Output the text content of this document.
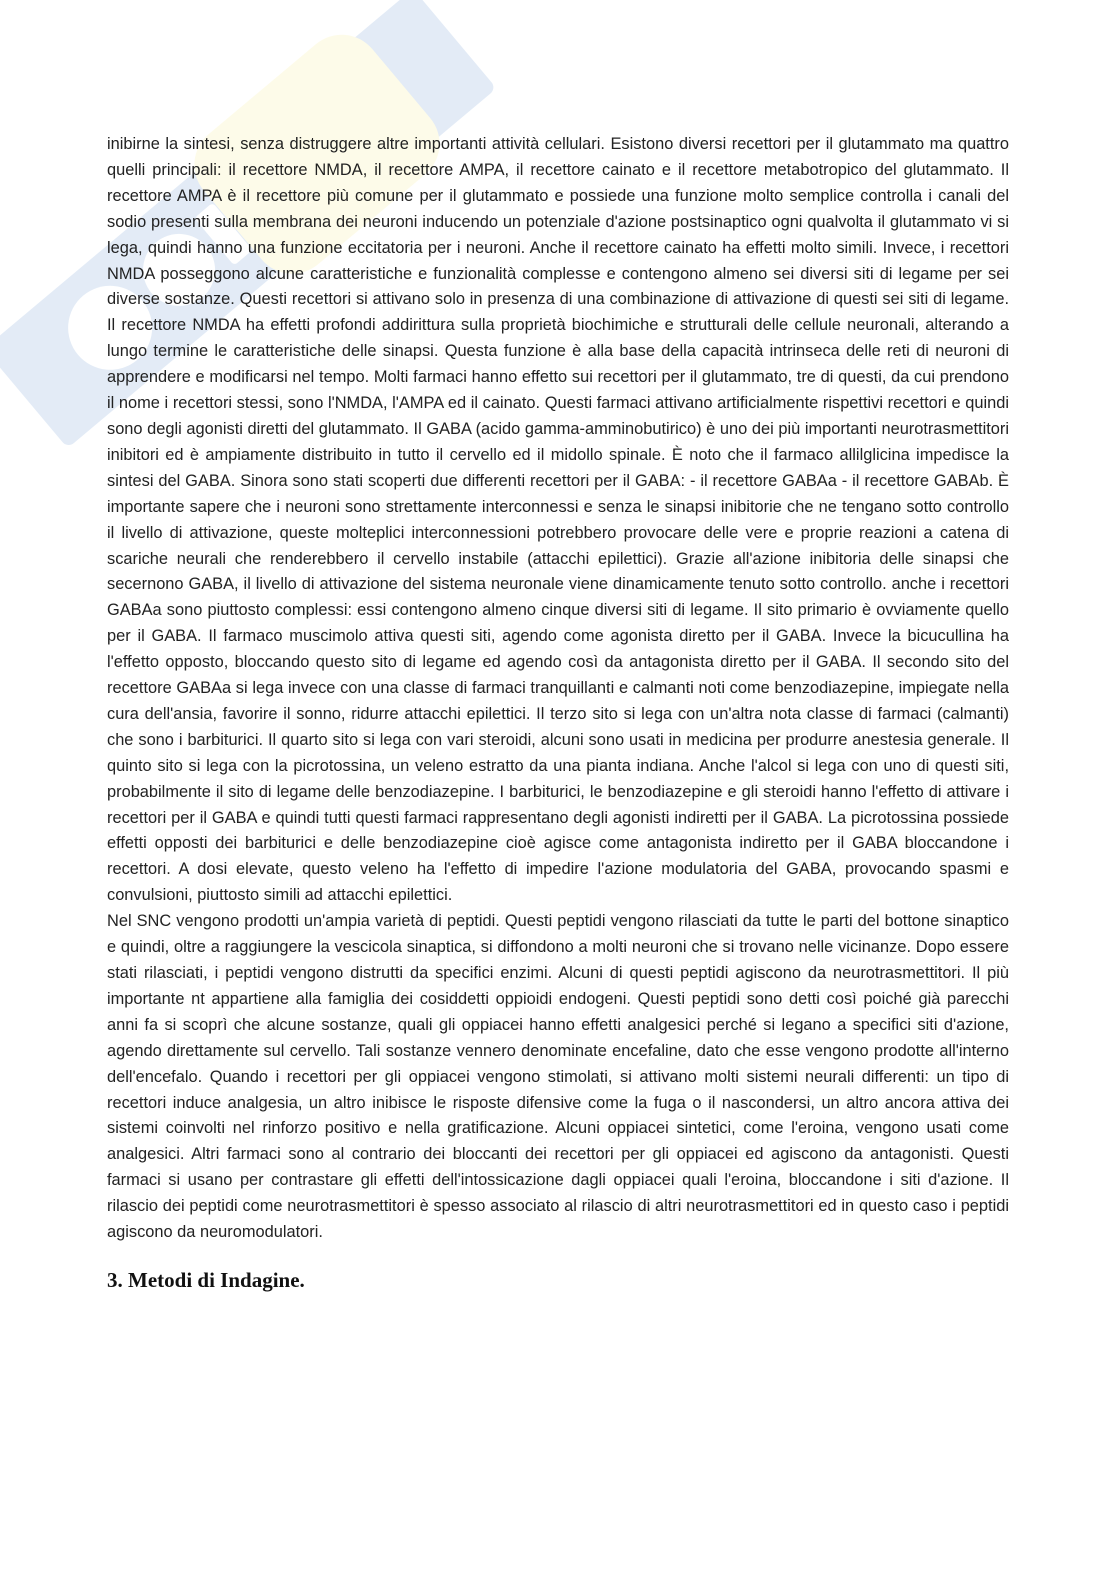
inibirne la sintesi, senza distruggere altre importanti attività cellulari. Esistono diversi recettori per il glutammato ma quattro quelli principali: il recettore NMDA, il recettore AMPA, il recettore cainato e il recettore metabotropico del glutammato. Il recettore AMPA è il recettore più comune per il glutammato e possiede una funzione molto semplice controlla i canali del sodio presenti sulla membrana dei neuroni inducendo un potenziale d'azione postsinaptico ogni qualvolta il glutammato vi si lega, quindi hanno una funzione eccitatoria per i neuroni. Anche il recettore cainato ha effetti molto simili. Invece, i recettori NMDA posseggono alcune caratteristiche e funzionalità complesse e contengono almeno sei diversi siti di legame per sei diverse sostanze. Questi recettori si attivano solo in presenza di una combinazione di attivazione di questi sei siti di legame. Il recettore NMDA ha effetti profondi addirittura sulla proprietà biochimiche e strutturali delle cellule neuronali, alterando a lungo termine le caratteristiche delle sinapsi. Questa funzione è alla base della capacità intrinseca delle reti di neuroni di apprendere e modificarsi nel tempo. Molti farmaci hanno effetto sui recettori per il glutammato, tre di questi, da cui prendono il nome i recettori stessi, sono l'NMDA, l'AMPA ed il cainato. Questi farmaci attivano artificialmente rispettivi recettori e quindi sono degli agonisti diretti del glutammato. Il GABA (acido gamma-amminobutirico) è uno dei più importanti neurotrasmettitori inibitori ed è ampiamente distribuito in tutto il cervello ed il midollo spinale. È noto che il farmaco allilglicina impedisce la sintesi del GABA. Sinora sono stati scoperti due differenti recettori per il GABA: - il recettore GABAa - il recettore GABAb. È importante sapere che i neuroni sono strettamente interconnessi e senza le sinapsi inibitorie che ne tengano sotto controllo il livello di attivazione, queste molteplici interconnessioni potrebbero provocare delle vere e proprie reazioni a catena di scariche neurali che renderebbero il cervello instabile (attacchi epilettici). Grazie all'azione inibitoria delle sinapsi che secernono GABA, il livello di attivazione del sistema neuronale viene dinamicamente tenuto sotto controllo. anche i recettori GABAa sono piuttosto complessi: essi contengono almeno cinque diversi siti di legame. Il sito primario è ovviamente quello per il GABA. Il farmaco muscimolo attiva questi siti, agendo come agonista diretto per il GABA. Invece la bicucullina ha l'effetto opposto, bloccando questo sito di legame ed agendo così da antagonista diretto per il GABA. Il secondo sito del recettore GABAa si lega invece con una classe di farmaci tranquillanti e calmanti noti come benzodiazepine, impiegate nella cura dell'ansia, favorire il sonno, ridurre attacchi epilettici. Il terzo sito si lega con un'altra nota classe di farmaci (calmanti) che sono i barbiturici. Il quarto sito si lega con vari steroidi, alcuni sono usati in medicina per produrre anestesia generale. Il quinto sito si lega con la picrotossina, un veleno estratto da una pianta indiana. Anche l'alcol si lega con uno di questi siti, probabilmente il sito di legame delle benzodiazepine. I barbiturici, le benzodiazepine e gli steroidi hanno l'effetto di attivare i recettori per il GABA e quindi tutti questi farmaci rappresentano degli agonisti indiretti per il GABA. La picrotossina possiede effetti opposti dei barbiturici e delle benzodiazepine cioè agisce come antagonista indiretto per il GABA bloccandone i recettori. A dosi elevate, questo veleno ha l'effetto di impedire l'azione modulatoria del GABA, provocando spasmi e convulsioni, piuttosto simili ad attacchi epilettici.

Nel SNC vengono prodotti un'ampia varietà di peptidi. Questi peptidi vengono rilasciati da tutte le parti del bottone sinaptico e quindi, oltre a raggiungere la vescicola sinaptica, si diffondono a molti neuroni che si trovano nelle vicinanze. Dopo essere stati rilasciati, i peptidi vengono distrutti da specifici enzimi. Alcuni di questi peptidi agiscono da neurotrasmettitori. Il più importante nt appartiene alla famiglia dei cosiddetti oppioidi endogeni. Questi peptidi sono detti così poiché già parecchi anni fa si scoprì che alcune sostanze, quali gli oppiacei hanno effetti analgesici perché si legano a specifici siti d'azione, agendo direttamente sul cervello. Tali sostanze vennero denominate encefaline, dato che esse vengono prodotte all'interno dell'encefalo. Quando i recettori per gli oppiacei vengono stimolati, si attivano molti sistemi neurali differenti: un tipo di recettori induce analgesia, un altro inibisce le risposte difensive come la fuga o il nascondersi, un altro ancora attiva dei sistemi coinvolti nel rinforzo positivo e nella gratificazione. Alcuni oppiacei sintetici, come l'eroina, vengono usati come analgesici. Altri farmaci sono al contrario dei bloccanti dei recettori per gli oppiacei ed agiscono da antagonisti. Questi farmaci si usano per contrastare gli effetti dell'intossicazione dagli oppiacei quali l'eroina, bloccandone i siti d'azione. Il rilascio dei peptidi come neurotrasmettitori è spesso associato al rilascio di altri neurotrasmettitori ed in questo caso i peptidi agiscono da neuromodulatori.

3. Metodi di Indagine.
